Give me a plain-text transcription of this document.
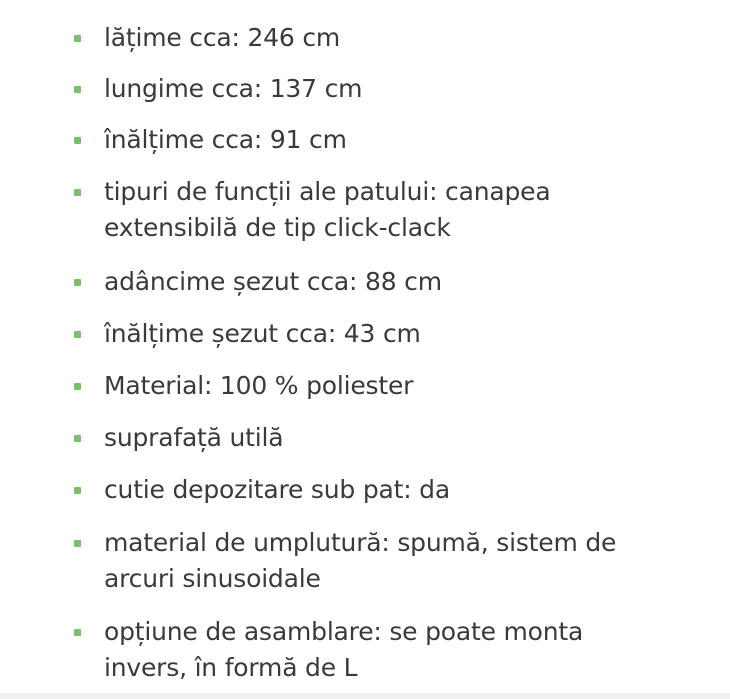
lățime cca: 246 cm
lungime cca: 137 cm
înălțime cca: 91 cm
tipuri de funcții ale patului: canapea extensibilă de tip click-clack
adâncime șezut cca: 88 cm
înălțime șezut cca: 43 cm
Material: 100 % poliester
suprafață utilă
cutie depozitare sub pat: da
material de umplutură: spumă, sistem de arcuri sinusoidale
opțiune de asamblare: se poate monta invers, în formă de L
